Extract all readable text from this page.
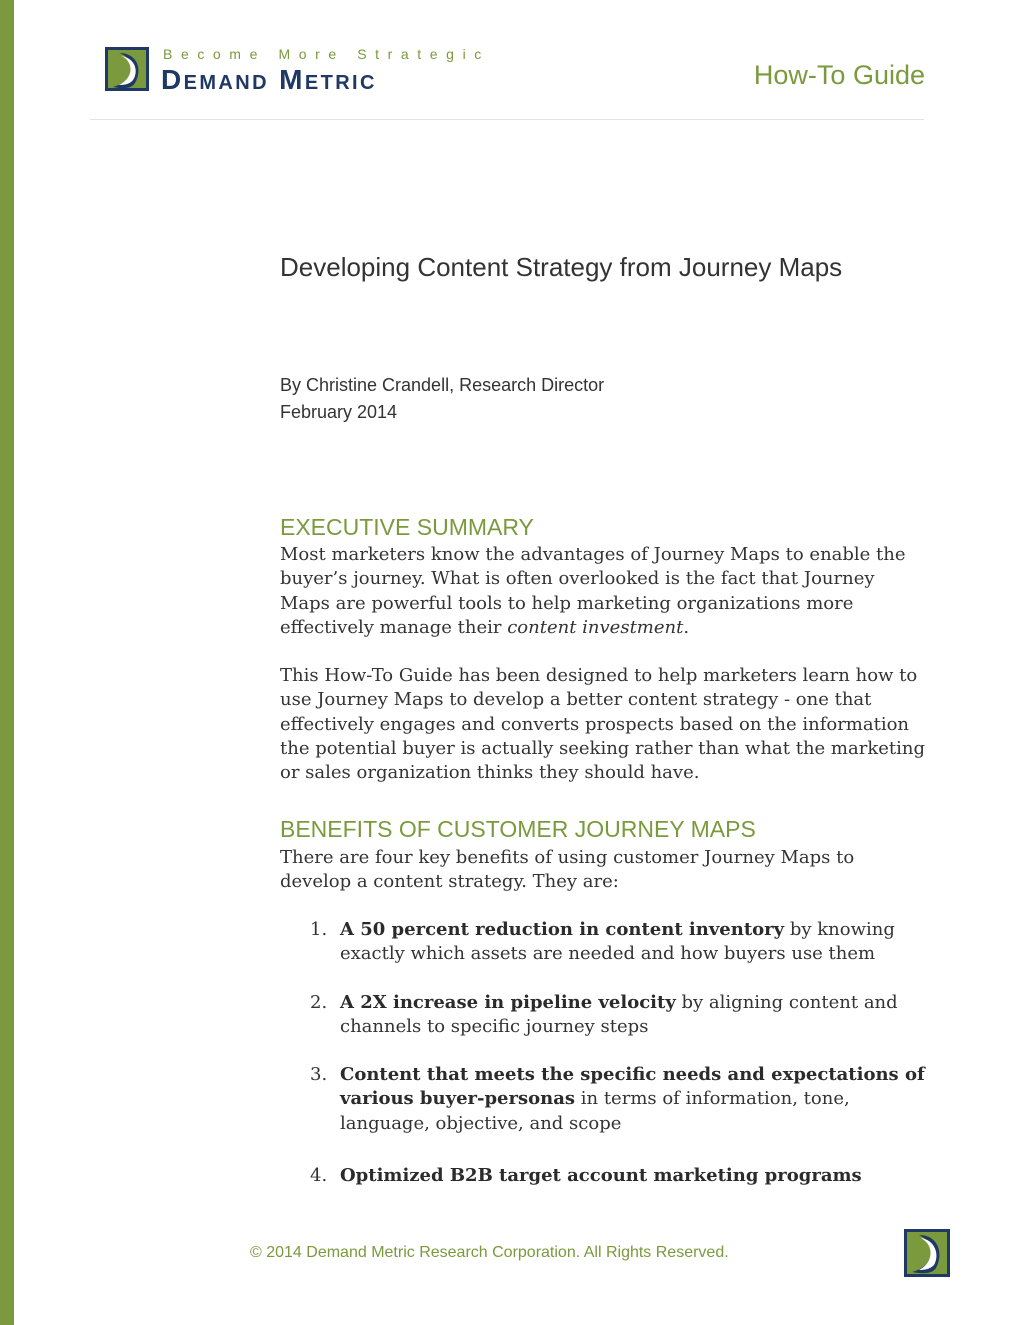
Become More Strategic
Demand Metric	How-To Guide
Developing Content Strategy from Journey Maps
By Christine Crandell, Research Director
February 2014
EXECUTIVE SUMMARY

Most marketers know the advantages of Journey Maps to enable the buyer’s journey. What is often overlooked is the fact that Journey Maps are powerful tools to help marketing organizations more effectively manage their content investment.

This How-To Guide has been designed to help marketers learn how to use Journey Maps to develop a better content strategy - one that effectively engages and converts prospects based on the information the potential buyer is actually seeking rather than what the marketing or sales organization thinks they should have.

BENEFITS OF CUSTOMER JOURNEY MAPS

There are four key benefits of using customer Journey Maps to develop a content strategy. They are:

1. A 50 percent reduction in content inventory by knowing exactly which assets are needed and how buyers use them
2. A 2X increase in pipeline velocity by aligning content and channels to specific journey steps
3. Content that meets the specific needs and expectations of various buyer-personas in terms of information, tone, language, objective, and scope
4. Optimized B2B target account marketing programs
© 2014 Demand Metric Research Corporation. All Rights Reserved.
